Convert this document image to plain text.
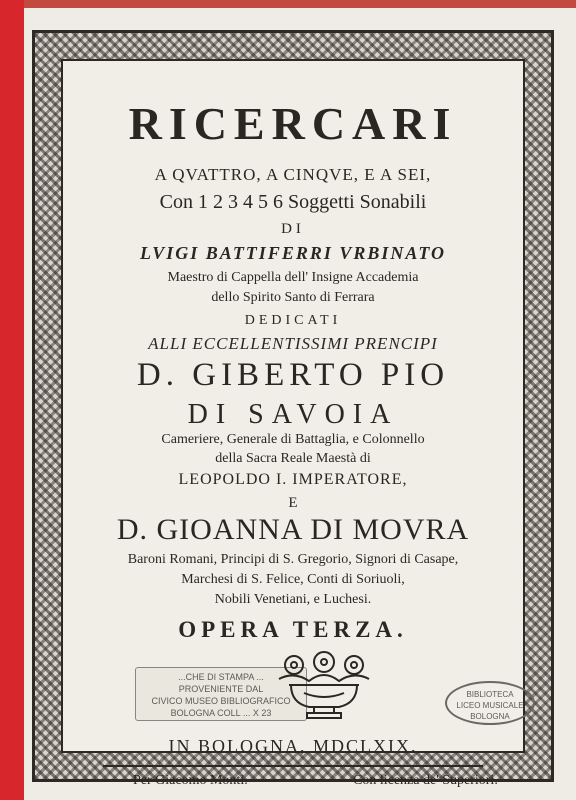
RICERCARI
A QVATTRO, A CINQVE, E A SEI,
Con 1 2 3 4 5 6 Soggetti Sonabili
DI
LVIGI BATTIFERRI VRBINATO
Maestro di Cappella dell' Insigne Accademia
dello Spirito Santo di Ferrara
DEDICATI
ALLI ECCELLENTISSIMI PRENCIPI
D. GIBERTO PIO
DI SAVOIA
Cameriere, Generale di Battaglia, e Colonnello
della Sacra Reale Maestà di
LEOPOLDO I. IMPERATORE,
E
D. GIOANNA DI MOVRA
Baroni Romani, Principi di S. Gregorio, Signori di Casape,
Marchesi di S. Felice, Conti di Soriuoli,
Nobili Venetiani, e Luchesi.
OPERA TERZA.
...CHE DI STAMPA ...
PROVENIENTE DAL
CIVICO MUSEO BIBLIOGRAFICO
BOLOGNA COLL ... X 23
BIBLIOTECA
LICEO MUSICALE
BOLOGNA
IN BOLOGNA, MDCLXIX.
Per Giacomo Monti.	Con licenza de' Superiori.
